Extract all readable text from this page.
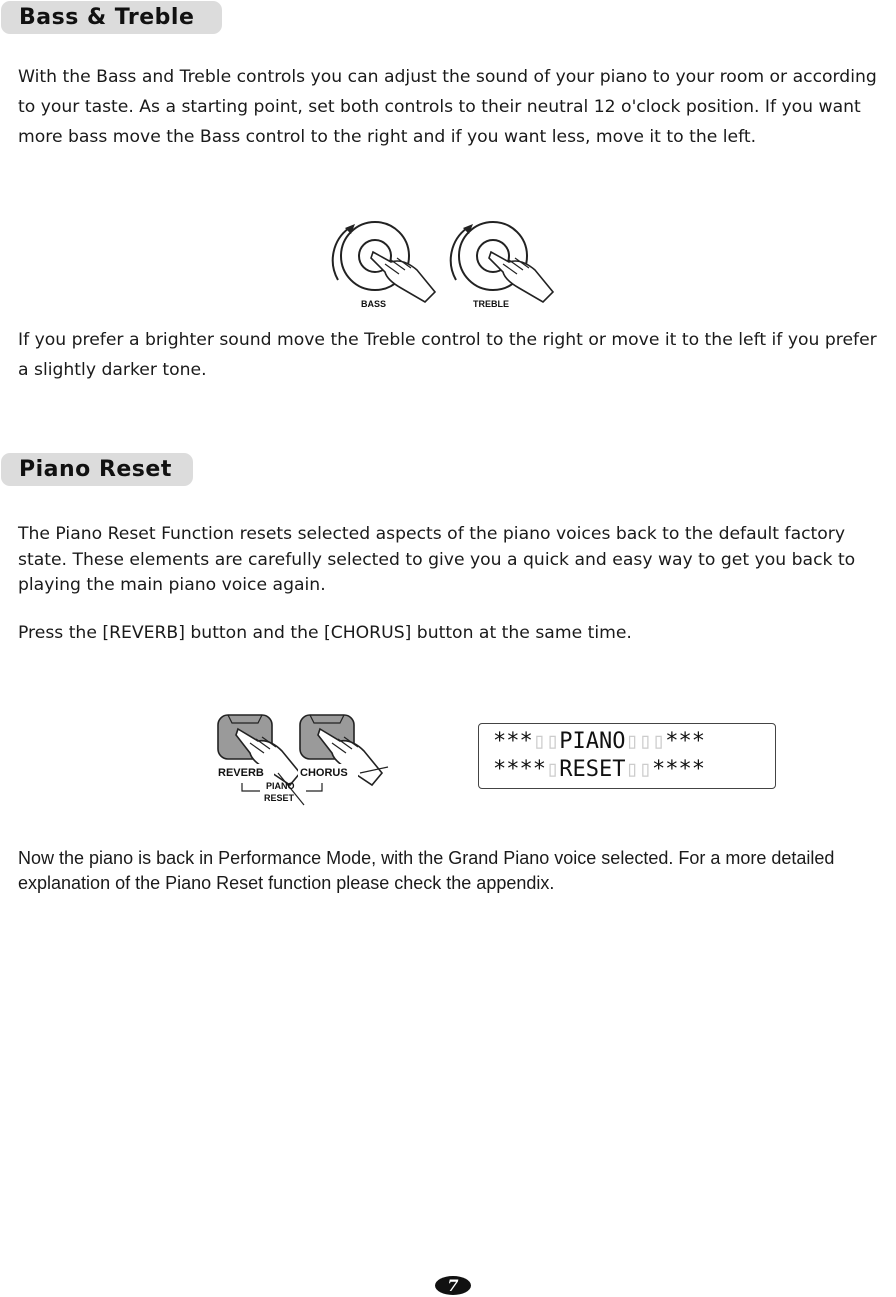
Bass & Treble

With the Bass and Treble controls you can adjust the sound of your piano to your room or according to your taste. As a starting point, set both controls to their neutral 12 o'clock position. If you want more bass move the Bass control to the right and if you want less, move it to the left.

BASS	TREBLE

If you prefer a brighter sound move the Treble control to the right or move it to the left if you prefer a slightly darker tone.

Piano Reset

The Piano Reset Function resets selected aspects of the piano voices back to the default factory state. These elements are carefully selected to give you a quick and easy way to get you back to playing the main piano voice again.

Press the [REVERB] button and the [CHORUS] button at the same time.

REVERB	CHORUS
PIANO
RESET
***▯▯PIANO▯▯▯***
****▯RESET▯▯****

Now the piano is back in Performance Mode, with the Grand Piano voice selected. For a more detailed explanation of the Piano Reset function please check the appendix.

7
